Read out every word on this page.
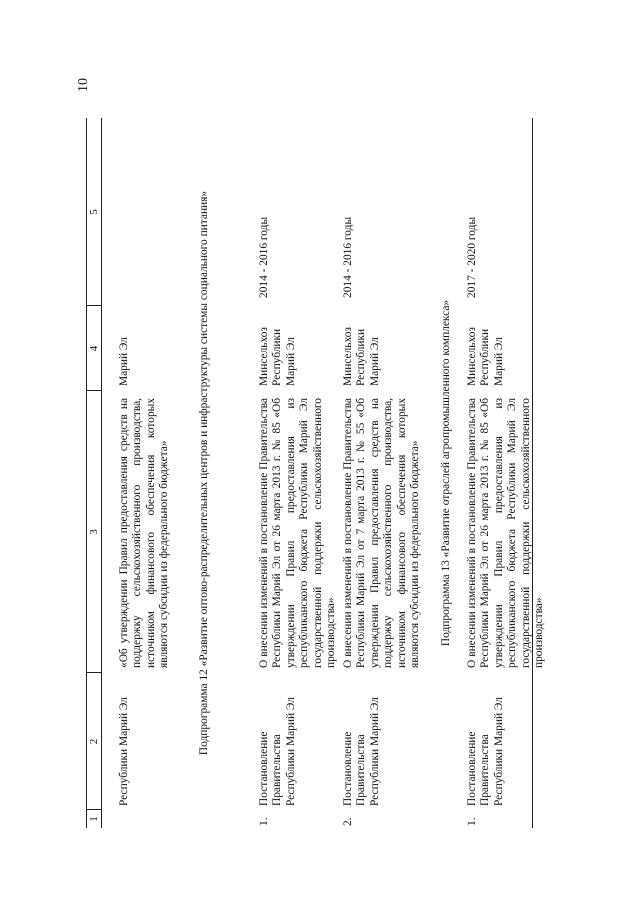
10
1
2
3
4
5
Республики Марий Эл
«Об утверждении Правил предоставления средств на поддержку сельскохозяйственного производства, источником финансового обеспечения которых являются субсидии из федерального бюджета»
Марий Эл	Подпрограмма 12 «Развитие оптово-распределительных центров и инфраструктуры системы социального питания»
1.
Постановление Правительства Республики Марий Эл
О внесении изменений в постановление Правительства Республики Марий Эл от 26 марта 2013 г. № 85 «Об утверждении Правил предоставления из республиканского бюджета Республики Марий Эл государственной поддержки сельскохозяйственного производства»
Минсельхоз Республики Марий Эл
2014 - 2016 годы
2.
Постановление Правительства Республики Марий Эл
О внесении изменений в постановление Правительства Республики Марий Эл от 7 марта 2013 г. № 55 «Об утверждении Правил предоставления средств на поддержку сельскохозяйственного производства, источником финансового обеспечения которых являются субсидии из федерального бюджета»
Минсельхоз Республики Марий Эл
2014 - 2016 годы
Подпрограмма 13 «Развитие отраслей агропромышленного комплекса»
1.
Постановление Правительства Республики Марий Эл
О внесении изменений в постановление Правительства Республики Марий Эл от 26 марта 2013 г. № 85 «Об утверждении Правил предоставления из республиканского бюджета Республики Марий Эл государственной поддержки сельскохозяйственного производства»
Минсельхоз Республики Марий Эл
2017 - 2020 годы
